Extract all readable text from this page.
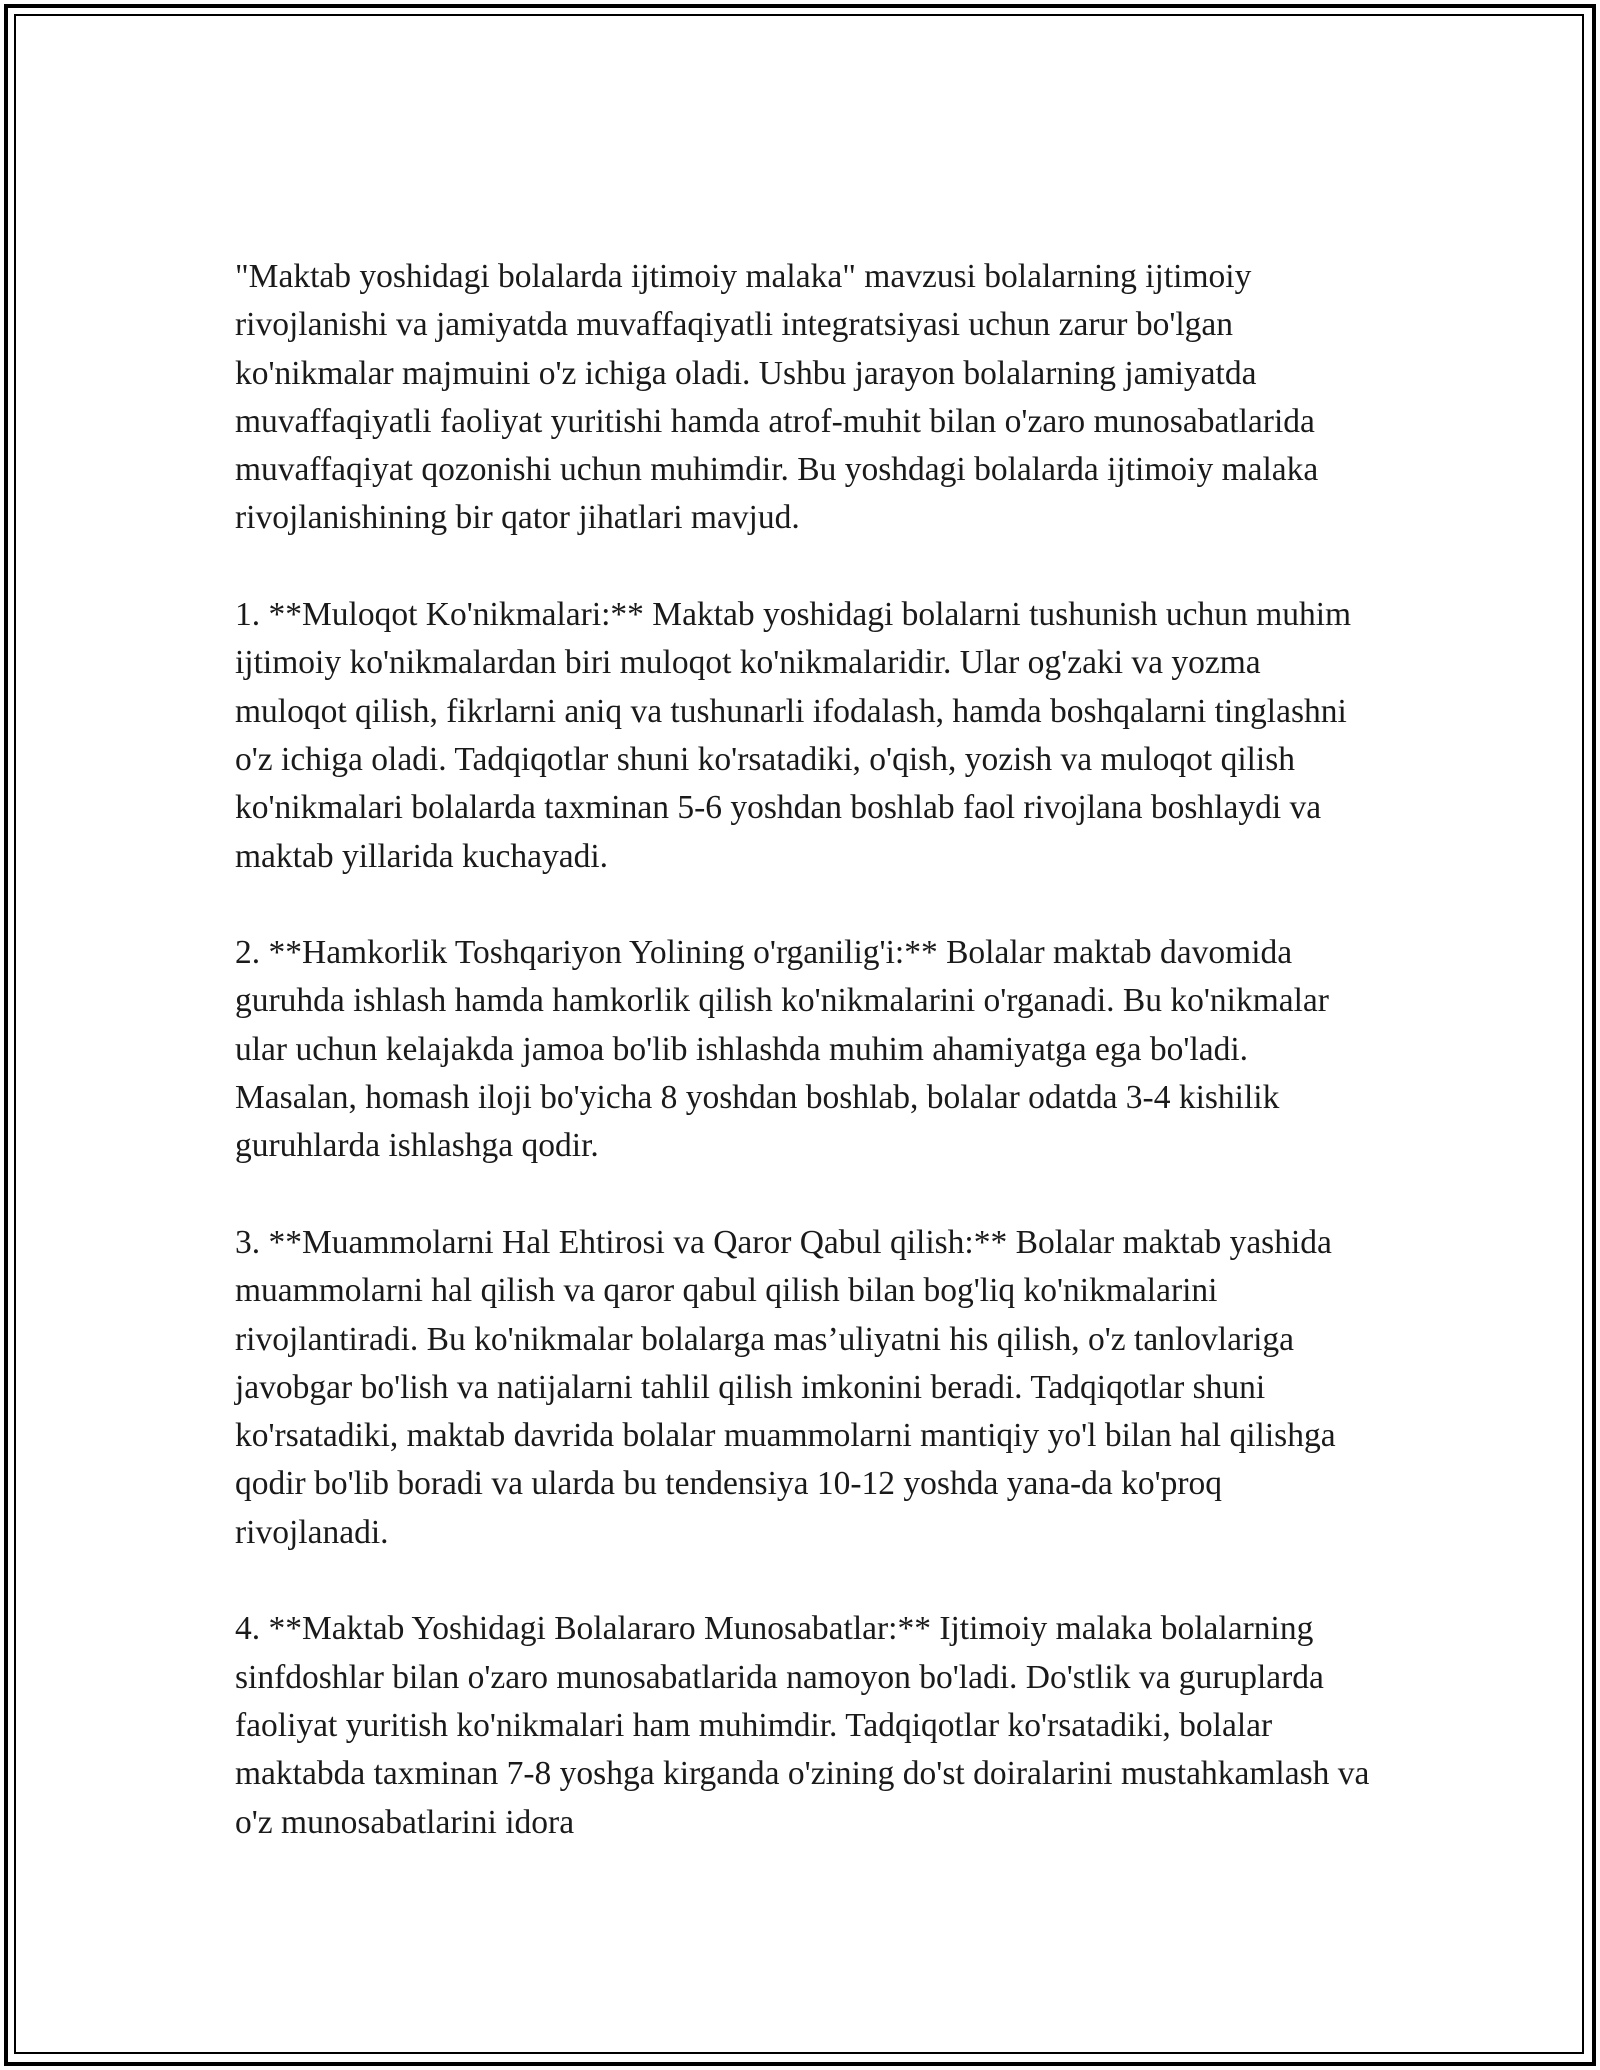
"Maktab yoshidagi bolalarda ijtimoiy malaka" mavzusi bolalarning ijtimoiy rivojlanishi va jamiyatda muvaffaqiyatli integratsiyasi uchun zarur bo'lgan ko'nikmalar majmuini o'z ichiga oladi. Ushbu jarayon bolalarning jamiyatda muvaffaqiyatli faoliyat yuritishi hamda atrof-muhit bilan o'zaro munosabatlarida muvaffaqiyat qozonishi uchun muhimdir. Bu yoshdagi bolalarda ijtimoiy malaka rivojlanishining bir qator jihatlari mavjud.

1. **Muloqot Ko'nikmalari:** Maktab yoshidagi bolalarni tushunish uchun muhim ijtimoiy ko'nikmalardan biri muloqot ko'nikmalaridir. Ular og'zaki va yozma muloqot qilish, fikrlarni aniq va tushunarli ifodalash, hamda boshqalarni tinglashni o'z ichiga oladi. Tadqiqotlar shuni ko'rsatadiki, o'qish, yozish va muloqot qilish ko'nikmalari bolalarda taxminan 5-6 yoshdan boshlab faol rivojlana boshlaydi va maktab yillarida kuchayadi.

2. **Hamkorlik Toshqariyon Yolining o'rganilig'i:** Bolalar maktab davomida guruhda ishlash hamda hamkorlik qilish ko'nikmalarini o'rganadi. Bu ko'nikmalar ular uchun kelajakda jamoa bo'lib ishlashda muhim ahamiyatga ega bo'ladi. Masalan, homash iloji bo'yicha 8 yoshdan boshlab, bolalar odatda 3-4 kishilik guruhlarda ishlashga qodir.

3. **Muammolarni Hal Ehtirosi va Qaror Qabul qilish:** Bolalar maktab yashida muammolarni hal qilish va qaror qabul qilish bilan bog'liq ko'nikmalarini rivojlantiradi. Bu ko'nikmalar bolalarga mas’uliyatni his qilish, o'z tanlovlariga javobgar bo'lish va natijalarni tahlil qilish imkonini beradi. Tadqiqotlar shuni ko'rsatadiki, maktab davrida bolalar muammolarni mantiqiy yo'l bilan hal qilishga qodir bo'lib boradi va ularda bu tendensiya 10-12 yoshda yana-da ko'proq rivojlanadi.

4. **Maktab Yoshidagi Bolalararo Munosabatlar:** Ijtimoiy malaka bolalarning sinfdoshlar bilan o'zaro munosabatlarida namoyon bo'ladi. Do'stlik va guruplarda faoliyat yuritish ko'nikmalari ham muhimdir. Tadqiqotlar ko'rsatadiki, bolalar maktabda taxminan 7-8 yoshga kirganda o'zining do'st doiralarini mustahkamlash va o'z munosabatlarini idora
